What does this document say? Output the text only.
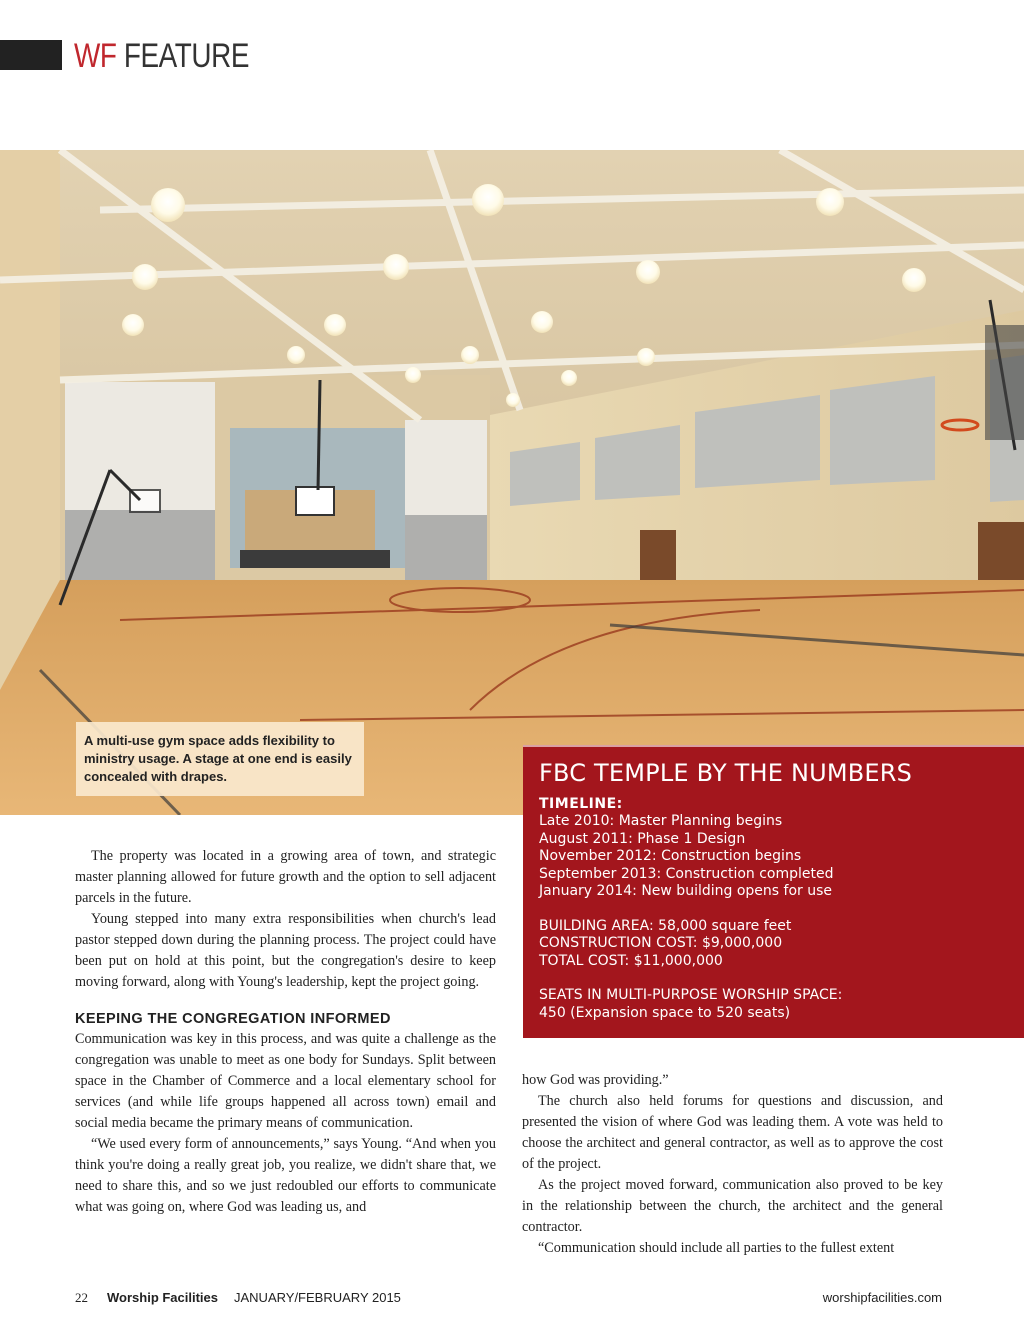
WF FEATURE
A multi-use gym space adds flexibility to ministry usage. A stage at one end is easily concealed with drapes.	FBC TEMPLE BY THE NUMBERS
TIMELINE:
Late 2010: Master Planning begins
August 2011: Phase 1 Design
November 2012: Construction begins
September 2013: Construction completed
January 2014: New building opens for use
BUILDING AREA: 58,000 square feet
CONSTRUCTION COST: $9,000,000
TOTAL COST: $11,000,000
SEATS IN MULTI-PURPOSE WORSHIP SPACE:
450 (Expansion space to 520 seats)

The property was located in a growing area of town, and strategic master planning allowed for future growth and the option to sell adjacent parcels in the future.

Young stepped into many extra responsibilities when church's lead pastor stepped down during the planning process. The project could have been put on hold at this point, but the congregation's desire to keep moving forward, along with Young's leadership, kept the project going.

KEEPING THE CONGREGATION INFORMED

Communication was key in this process, and was quite a challenge as the congregation was unable to meet as one body for Sundays. Split between space in the Chamber of Commerce and a local elementary school for services (and while life groups happened all across town) email and social media became the primary means of communication.

“We used every form of announcements,” says Young. “And when you think you're doing a really great job, you realize, we didn't share that, we need to share this, and so we just redoubled our efforts to communicate what was going on, where God was leading us, and

how God was providing.”

The church also held forums for questions and discussion, and presented the vision of where God was leading them. A vote was held to choose the architect and general contractor, as well as to approve the cost of the project.

As the project moved forward, communication also proved to be key in the relationship between the church, the architect and the general contractor.

“Communication should include all parties to the fullest extent

22 Worship Facilities JANUARY/FEBRUARY 2015	worshipfacilities.com
